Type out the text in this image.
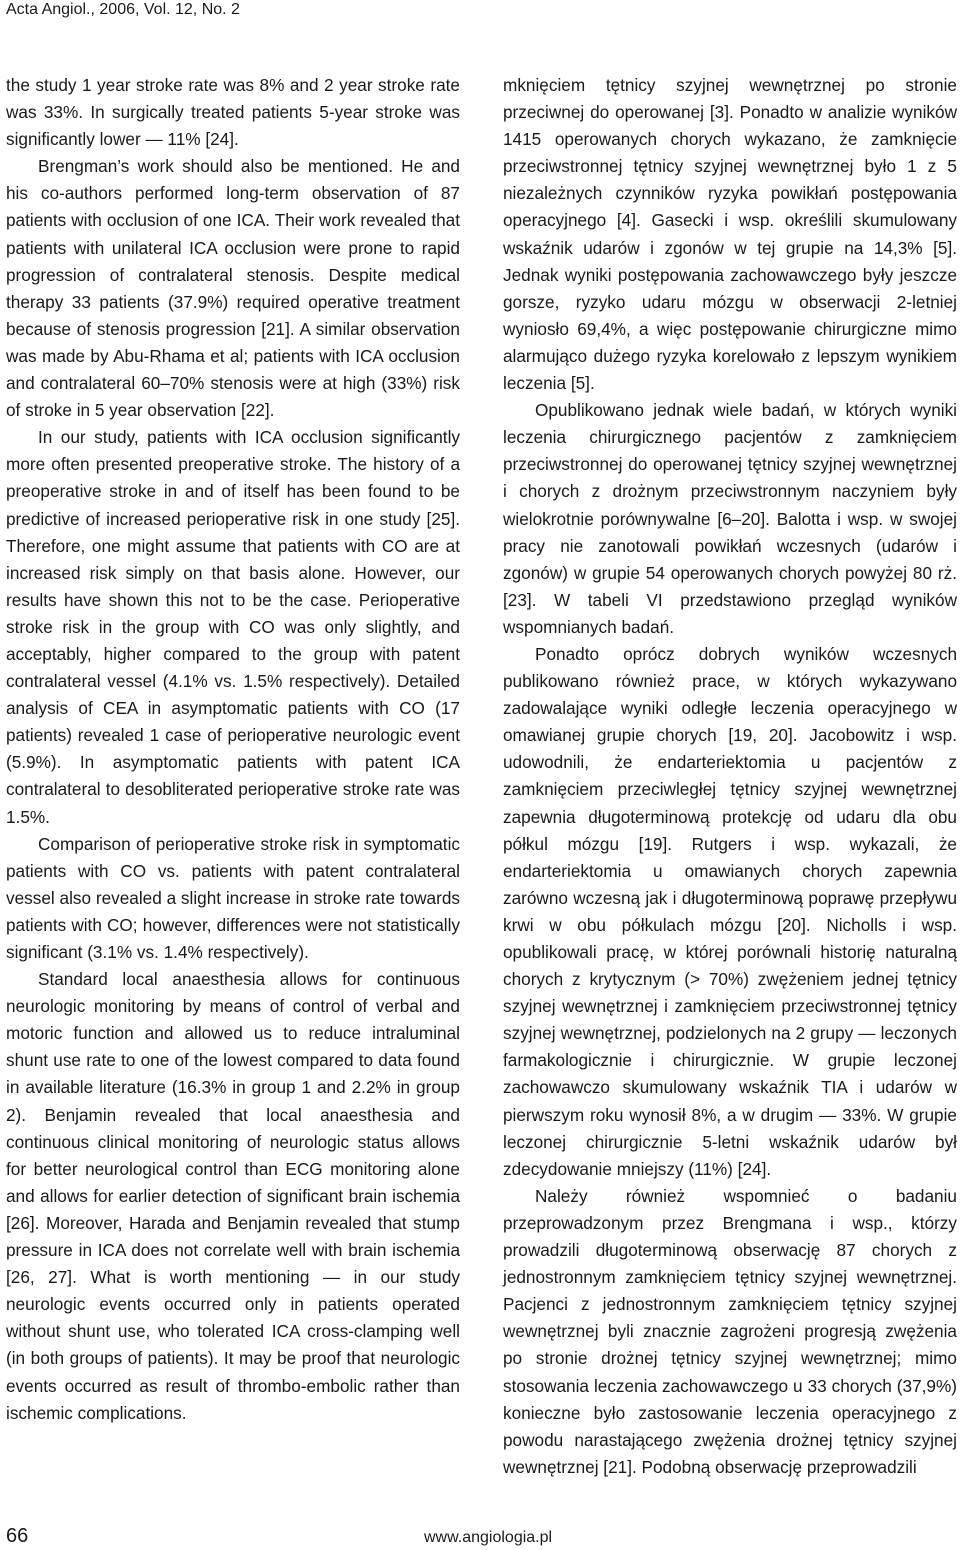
Acta Angiol., 2006, Vol. 12, No. 2

the study 1 year stroke rate was 8% and 2 year stroke rate was 33%. In surgically treated patients 5-year stroke was significantly lower — 11% [24].

Brengman’s work should also be mentioned. He and his co-authors performed long-term observation of 87 patients with occlusion of one ICA. Their work revealed that patients with unilateral ICA occlusion were prone to rapid progression of contralateral stenosis. Despite medical therapy 33 patients (37.9%) required operative treatment because of stenosis progression [21]. A similar observation was made by Abu-Rhama et al; patients with ICA occlusion and contralateral 60–70% stenosis were at high (33%) risk of stroke in 5 year observation [22].

In our study, patients with ICA occlusion significantly more often presented preoperative stroke. The history of a preoperative stroke in and of itself has been found to be predictive of increased perioperative risk in one study [25]. Therefore, one might assume that patients with CO are at increased risk simply on that basis alone. However, our results have shown this not to be the case. Perioperative stroke risk in the group with CO was only slightly, and acceptably, higher compared to the group with patent contralateral vessel (4.1% vs. 1.5% respectively). Detailed analysis of CEA in asymptomatic patients with CO (17 patients) revealed 1 case of perioperative neurologic event (5.9%). In asymptomatic patients with patent ICA contralateral to desobliterated perioperative stroke rate was 1.5%.

Comparison of perioperative stroke risk in symptomatic patients with CO vs. patients with patent contralateral vessel also revealed a slight increase in stroke rate towards patients with CO; however, differences were not statistically significant (3.1% vs. 1.4% respectively).

Standard local anaesthesia allows for continuous neurologic monitoring by means of control of verbal and motoric function and allowed us to reduce intraluminal shunt use rate to one of the lowest compared to data found in available literature (16.3% in group 1 and 2.2% in group 2). Benjamin revealed that local anaesthesia and continuous clinical monitoring of neurologic status allows for better neurological control than ECG monitoring alone and allows for earlier detection of significant brain ischemia [26]. Moreover, Harada and Benjamin revealed that stump pressure in ICA does not correlate well with brain ischemia [26, 27]. What is worth mentioning — in our study neurologic events occurred only in patients operated without shunt use, who tolerated ICA cross-clamping well (in both groups of patients). It may be proof that neurologic events occurred as result of thrombo-embolic rather than ischemic complications.

mknięciem tętnicy szyjnej wewnętrznej po stronie przeciwnej do operowanej [3]. Ponadto w analizie wyników 1415 operowanych chorych wykazano, że zamknięcie przeciwstronnej tętnicy szyjnej wewnętrznej było 1 z 5 niezależnych czynników ryzyka powikłań postępowania operacyjnego [4]. Gasecki i wsp. określili skumulowany wskaźnik udarów i zgonów w tej grupie na 14,3% [5]. Jednak wyniki postępowania zachowawczego były jeszcze gorsze, ryzyko udaru mózgu w obserwacji 2-letniej wyniosło 69,4%, a więc postępowanie chirurgiczne mimo alarmująco dużego ryzyka korelowało z lepszym wynikiem leczenia [5].

Opublikowano jednak wiele badań, w których wyniki leczenia chirurgicznego pacjentów z zamknięciem przeciwstronnej do operowanej tętnicy szyjnej wewnętrznej i chorych z drożnym przeciwstronnym naczyniem były wielokrotnie porównywalne [6–20]. Balotta i wsp. w swojej pracy nie zanotowali powikłań wczesnych (udarów i zgonów) w grupie 54 operowanych chorych powyżej 80 rż. [23]. W tabeli VI przedstawiono przegląd wyników wspomnianych badań.

Ponadto oprócz dobrych wyników wczesnych publikowano również prace, w których wykazywano zadowalające wyniki odległe leczenia operacyjnego w omawianej grupie chorych [19, 20]. Jacobowitz i wsp. udowodnili, że endarteriektomia u pacjentów z zamknięciem przeciwległej tętnicy szyjnej wewnętrznej zapewnia długoterminową protekcję od udaru dla obu półkul mózgu [19]. Rutgers i wsp. wykazali, że endarteriektomia u omawianych chorych zapewnia zarówno wczesną jak i długoterminową poprawę przepływu krwi w obu półkulach mózgu [20]. Nicholls i wsp. opublikowali pracę, w której porównali historię naturalną chorych z krytycznym (> 70%) zwężeniem jednej tętnicy szyjnej wewnętrznej i zamknięciem przeciwstronnej tętnicy szyjnej wewnętrznej, podzielonych na 2 grupy — leczonych farmakologicznie i chirurgicznie. W grupie leczonej zachowawczo skumulowany wskaźnik TIA i udarów w pierwszym roku wynosił 8%, a w drugim — 33%. W grupie leczonej chirurgicznie 5-letni wskaźnik udarów był zdecydowanie mniejszy (11%) [24].

Należy również wspomnieć o badaniu przeprowadzonym przez Brengmana i wsp., którzy prowadzili długoterminową obserwację 87 chorych z jednostronnym zamknięciem tętnicy szyjnej wewnętrznej. Pacjenci z jednostronnym zamknięciem tętnicy szyjnej wewnętrznej byli znacznie zagrożeni progresją zwężenia po stronie drożnej tętnicy szyjnej wewnętrznej; mimo stosowania leczenia zachowawczego u 33 chorych (37,9%) konieczne było zastosowanie leczenia operacyjnego z powodu narastającego zwężenia drożnej tętnicy szyjnej wewnętrznej [21]. Podobną obserwację przeprowadzili

66	www.angiologia.pl
